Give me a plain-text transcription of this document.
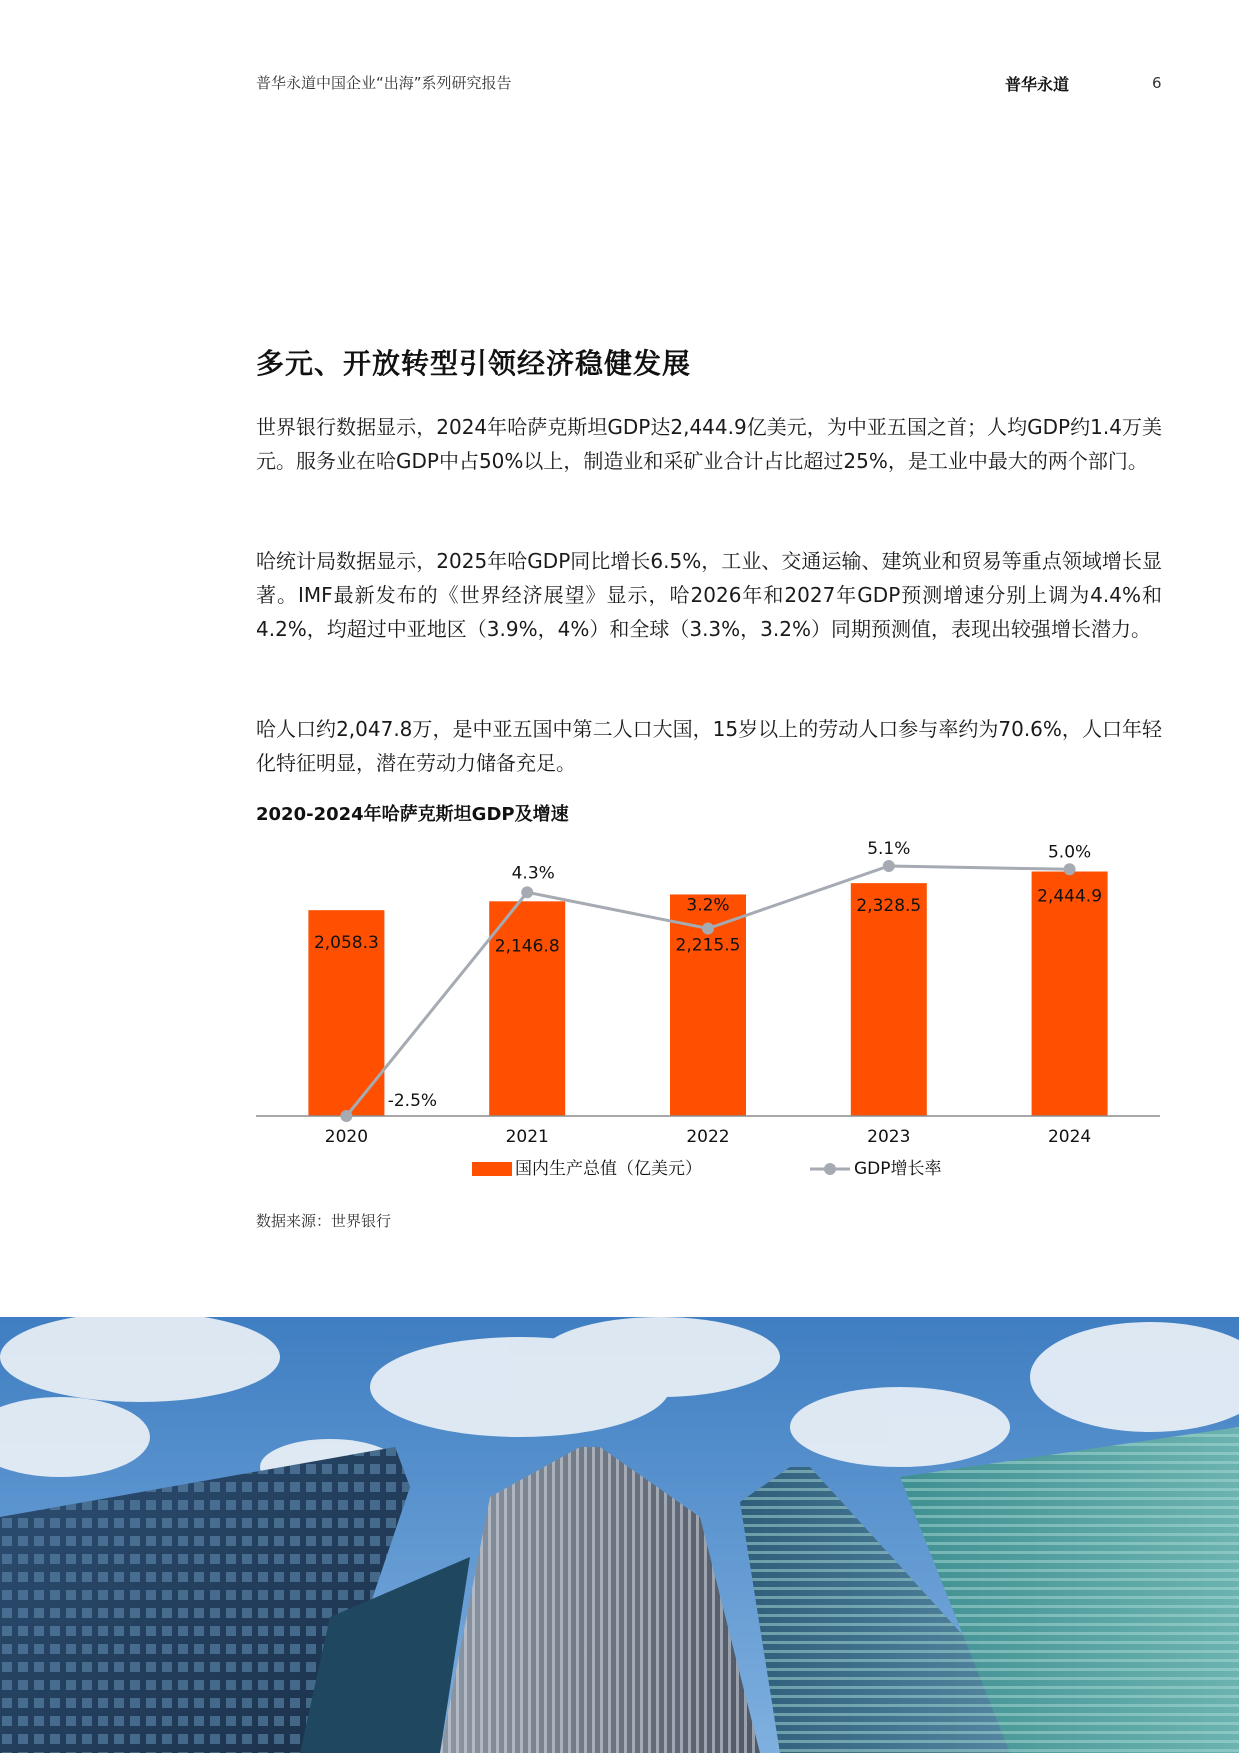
普华永道中国企业“出海”系列研究报告	普华永道	6
多元、开放转型引领经济稳健发展

世界银行数据显示，2024年哈萨克斯坦GDP达2,444.9亿美元，为中亚五国之首；人均GDP约1.4万美元。服务业在哈GDP中占50%以上，制造业和采矿业合计占比超过25%，是工业中最大的两个部门。

哈统计局数据显示，2025年哈GDP同比增长6.5%，工业、交通运输、建筑业和贸易等重点领域增长显著。IMF最新发布的《世界经济展望》显示，哈2026年和2027年GDP预测增速分别上调为4.4%和4.2%，均超过中亚地区（3.9%，4%）和全球（3.3%，3.2%）同期预测值，表现出较强增长潜力。

哈人口约2,047.8万，是中亚五国中第二人口大国，15岁以上的劳动人口参与率约为70.6%，人口年轻化特征明显，潜在劳动力储备充足。

2020-2024年哈萨克斯坦GDP及增速
2020	2021	2022	2023	2024
2,058.3	2,146.8	2,215.5
2,328.5	2,444.9
-2.5%
4.3%
3.2%
5.1%	5.0%
国内生产总值（亿美元）	GDP增长率
数据来源：世界银行
